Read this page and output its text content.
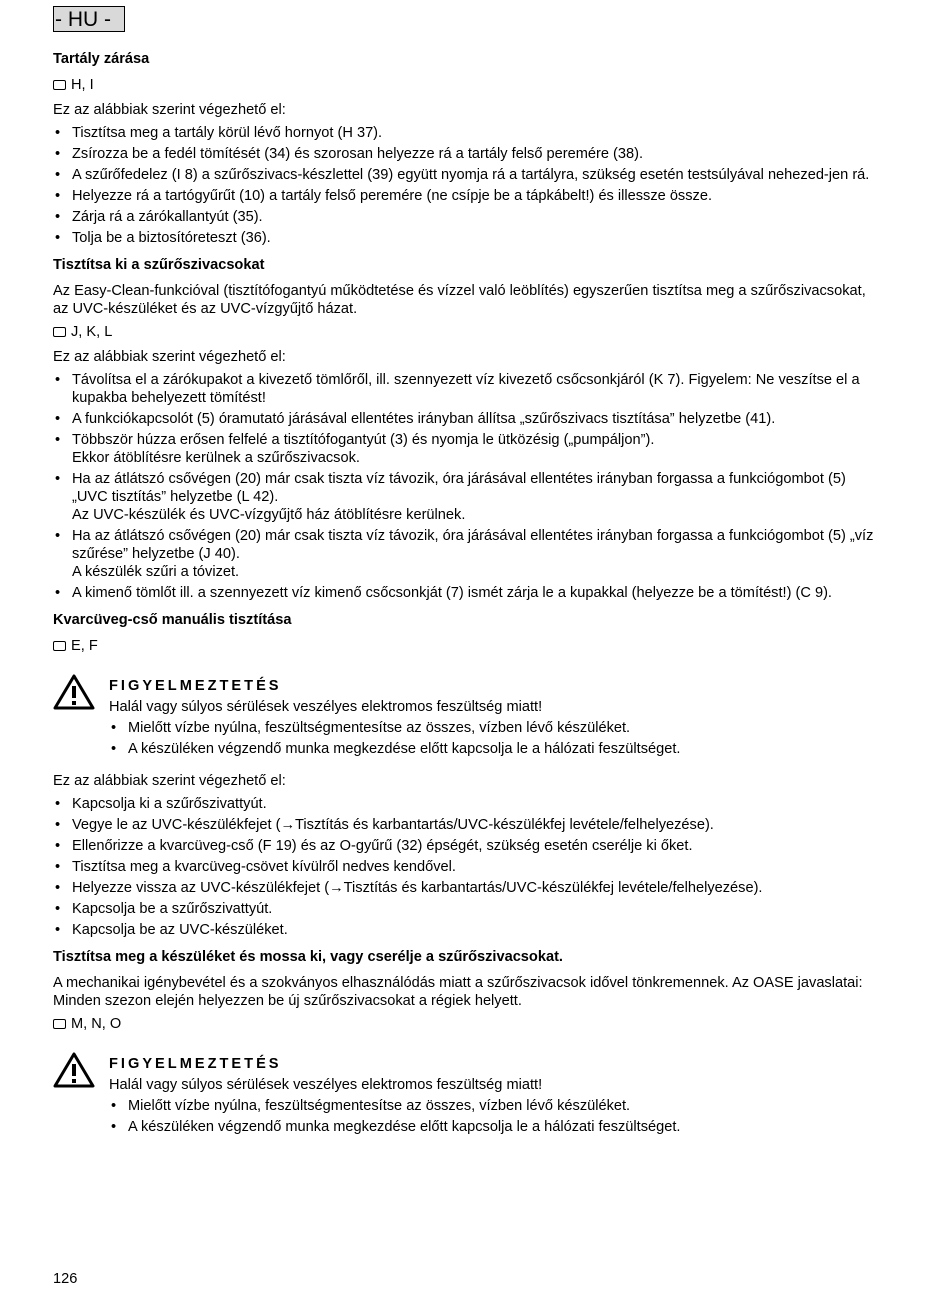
- HU -
Tartály zárása
H, I

Ez az alábbiak szerint végezhető el:

• Tisztítsa meg a tartály körül lévő hornyot (H 37).
• Zsírozza be a fedél tömítését (34) és szorosan helyezze rá a tartály felső peremére (38).
• A szűrőfedelez (I 8) a szűrőszivacs-készlettel (39) együtt nyomja rá a tartályra, szükség esetén testsúlyával nehezed-jen rá.
• Helyezze rá a tartógyűrűt (10) a tartály felső peremére (ne csípje be a tápkábelt!) és illessze össze.
• Zárja rá a zárókallantyút (35).
• Tolja be a biztosítóreteszt (36).
Tisztítsa ki a szűrőszivacsokat

Az Easy-Clean-funkcióval (tisztítófogantyú működtetése és vízzel való leöblítés) egyszerűen tisztítsa meg a szűrőszivacsokat, az UVC-készüléket és az UVC-vízgyűjtő házat.

J, K, L

Ez az alábbiak szerint végezhető el:

• Távolítsa el a zárókupakot a kivezető tömlőről, ill. szennyezett víz kivezető csőcsonkjáról (K 7). Figyelem: Ne veszítse el a kupakba behelyezett tömítést!
• A funkciókapcsolót (5) óramutató járásával ellentétes irányban állítsa „szűrőszivacs tisztítása” helyzetbe (41).
• Többször húzza erősen felfelé a tisztítófogantyút (3) és nyomja le ütközésig („pumpáljon”).
Ekkor átöblítésre kerülnek a szűrőszivacsok.
• Ha az átlátszó csővégen (20) már csak tiszta víz távozik, óra járásával ellentétes irányban forgassa a funkciógombot (5) „UVC tisztítás” helyzetbe (L 42).
Az UVC-készülék és UVC-vízgyűjtő ház átöblítésre kerülnek.
• Ha az átlátszó csővégen (20) már csak tiszta víz távozik, óra járásával ellentétes irányban forgassa a funkciógombot (5) „víz szűrése” helyzetbe (J 40).
A készülék szűri a tóvizet.
• A kimenő tömlőt ill. a szennyezett víz kimenő csőcsonkját (7) ismét zárja le a kupakkal (helyezze be a tömítést!) (C 9).
Kvarcüveg-cső manuális tisztítása
E, F
FIGYELMEZTETÉS

Halál vagy súlyos sérülések veszélyes elektromos feszültség miatt!

• Mielőtt vízbe nyúlna, feszültségmentesítse az összes, vízben lévő készüléket.
• A készüléken végzendő munka megkezdése előtt kapcsolja le a hálózati feszültséget.

Ez az alábbiak szerint végezhető el:

• Kapcsolja ki a szűrőszivattyút.
• Vegye le az UVC-készülékfejet (→Tisztítás és karbantartás/UVC-készülékfej levétele/felhelyezése).
• Ellenőrizze a kvarcüveg-cső (F 19) és az O-gyűrű (32) épségét, szükség esetén cserélje ki őket.
• Tisztítsa meg a kvarcüveg-csövet kívülről nedves kendővel.
• Helyezze vissza az UVC-készülékfejet (→Tisztítás és karbantartás/UVC-készülékfej levétele/felhelyezése).
• Kapcsolja be a szűrőszivattyút.
• Kapcsolja be az UVC-készüléket.
Tisztítsa meg a készüléket és mossa ki, vagy cserélje a szűrőszivacsokat.

A mechanikai igénybevétel és a szokványos elhasználódás miatt a szűrőszivacsok idővel tönkremennek. Az OASE javaslatai: Minden szezon elején helyezzen be új szűrőszivacsokat a régiek helyett.

M, N, O
FIGYELMEZTETÉS

Halál vagy súlyos sérülések veszélyes elektromos feszültség miatt!

• Mielőtt vízbe nyúlna, feszültségmentesítse az összes, vízben lévő készüléket.
• A készüléken végzendő munka megkezdése előtt kapcsolja le a hálózati feszültséget.
126
